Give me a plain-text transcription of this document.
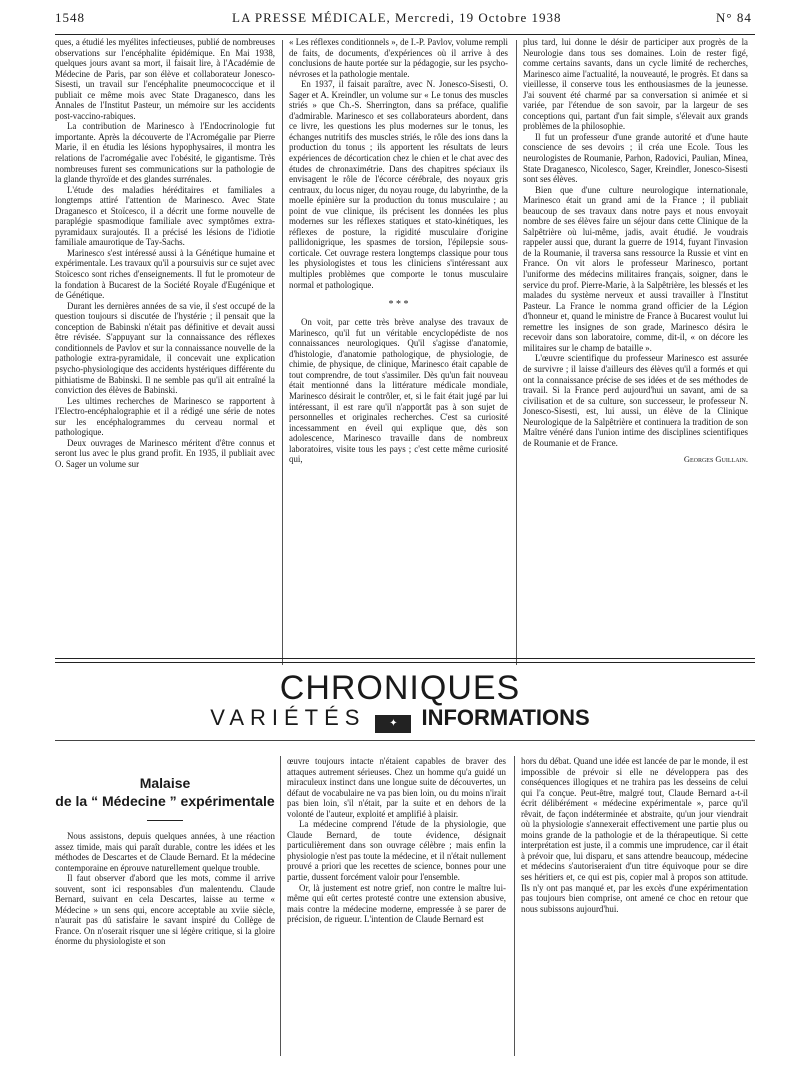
1548	LA PRESSE MÉDICALE, Mercredi, 19 Octobre 1938	N° 84

ques, a étudié les myélites infectieuses, publié de nombreuses observations sur l'encéphalite épidémique. En Mai 1938, quelques jours avant sa mort, il faisait lire, à l'Académie de Médecine de Paris, par son élève et collaborateur Jonesco-Sisesti, un travail sur l'encéphalite pneumococcique et il publiait ce même mois avec State Draganesco, dans les Annales de l'Institut Pasteur, un mémoire sur les accidents post-vaccino-rabiques.

La contribution de Marinesco à l'Endocrinologie fut importante. Après la découverte de l'Acromégalie par Pierre Marie, il en étudia les lésions hypophysaires, il montra les relations de l'acromégalie avec l'obésité, le gigantisme. Très nombreuses furent ses communications sur la pathologie de la glande thyroïde et des glandes surrénales.

L'étude des maladies héréditaires et familiales a longtemps attiré l'attention de Marinesco. Avec State Draganesco et Stoïcesco, il a décrit une forme nouvelle de paraplégie spasmodique familiale avec symptômes extra-pyramidaux surajoutés. Il a précisé les lésions de l'idiotie familiale amaurotique de Tay-Sachs.

Marinesco s'est intéressé aussi à la Génétique humaine et expérimentale. Les travaux qu'il a poursuivis sur ce sujet avec Stoïcesco sont riches d'enseignements. Il fut le promoteur de la fondation à Bucarest de la Société Royale d'Eugénique et de Génétique.

Durant les dernières années de sa vie, il s'est occupé de la question toujours si discutée de l'hystérie ; il pensait que la conception de Babinski n'était pas définitive et devait aussi être révisée. S'appuyant sur la connaissance des réflexes conditionnels de Pavlov et sur la connaissance nouvelle de la pathologie extra-pyramidale, il concevait une explication psycho-physiologique des accidents hystériques différente du pithiatisme de Babinski. Il ne semble pas qu'il ait entraîné la conviction des élèves de Babinski.

Les ultimes recherches de Marinesco se rapportent à l'Electro-encéphalographie et il a rédigé une série de notes sur les encéphalogrammes du cerveau normal et pathologique.

Deux ouvrages de Marinesco méritent d'être connus et seront lus avec le plus grand profit. En 1935, il publiait avec O. Sager un volume sur

« Les réflexes conditionnels », de I.-P. Pavlov, volume rempli de faits, de documents, d'expériences où il arrive à des conclusions de haute portée sur la pédagogie, sur les psycho-névroses et la pathologie mentale.

En 1937, il faisait paraître, avec N. Jonesco-Sisesti, O. Sager et A. Kreindler, un volume sur « Le tonus des muscles striés » que Ch.-S. Sherrington, dans sa préface, qualifie d'admirable. Marinesco et ses collaborateurs abordent, dans ce livre, les questions les plus modernes sur le tonus, les échanges nutritifs des muscles striés, le rôle des ions dans la production du tonus ; ils apportent les résultats de leurs expériences de décortication chez le chien et le chat avec des études de chronaximétrie. Dans des chapitres spéciaux ils envisagent le rôle de l'écorce cérébrale, des noyaux gris centraux, du locus niger, du noyau rouge, du labyrinthe, de la moelle épinière sur la production du tonus musculaire ; au point de vue clinique, ils précisent les données les plus modernes sur les réflexes statiques et stato-kinétiques, les réflexes de posture, la rigidité musculaire d'origine pallidonigrique, les spasmes de torsion, l'épilepsie sous-corticale. Cet ouvrage restera longtemps classique pour tous les physiologistes et tous les cliniciens s'intéressant aux multiples problèmes que comporte le tonus musculaire normal et pathologique.

* * *

On voit, par cette très brève analyse des travaux de Marinesco, qu'il fut un véritable encyclopédiste de nos connaissances neurologiques. Qu'il s'agisse d'anatomie, d'histologie, d'anatomie pathologique, de physiologie, de chimie, de physique, de clinique, Marinesco était capable de tout comprendre, de tout s'assimiler. Dès qu'un fait nouveau était mentionné dans la littérature médicale mondiale, Marinesco désirait le contrôler, et, si le fait était jugé par lui intéressant, il est rare qu'il n'apportât pas à son sujet de personnelles et originales recherches. C'est sa curiosité incessamment en éveil qui explique que, dès son adolescence, Marinesco travaille dans de nombreux laboratoires, visite tous les pays ; c'est cette même curiosité qui,

plus tard, lui donne le désir de participer aux progrès de la Neurologie dans tous ses domaines. Loin de rester figé, comme certains savants, dans un cycle limité de recherches, Marinesco aime l'actualité, la nouveauté, le progrès. Et dans sa vieillesse, il conserve tous les enthousiasmes de la jeunesse. J'ai souvent été charmé par sa conversation si animée et si variée, par l'étendue de son savoir, par la largeur de ses conceptions qui, partant d'un fait simple, s'élevait aux grands problèmes de la philosophie.

Il fut un professeur d'une grande autorité et d'une haute conscience de ses devoirs ; il créa une Ecole. Tous les neurologistes de Roumanie, Parhon, Radovici, Paulian, Minea, State Draganesco, Nicolesco, Sager, Kreindler, Jonesco-Sisesti sont ses élèves.

Bien que d'une culture neurologique internationale, Marinesco était un grand ami de la France ; il publiait beaucoup de ses travaux dans notre pays et nous envoyait nombre de ses élèves faire un séjour dans cette Clinique de la Salpêtrière où lui-même, jadis, avait étudié. Je voudrais rappeler aussi que, durant la guerre de 1914, fuyant l'invasion de la Roumanie, il traversa sans ressource la Russie et vint en France. On vit alors le professeur Marinesco, portant l'uniforme des médecins militaires français, soigner, dans le service du prof. Pierre-Marie, à la Salpêtrière, les blessés et les malades du système nerveux et aussi travailler à l'Institut Pasteur. La France le nomma grand officier de la Légion d'honneur et, quand le ministre de France à Bucarest voulut lui remettre les insignes de son grade, Marinesco désira le recevoir dans son laboratoire, comme, dit-il, « on décore les militaires sur le champ de bataille ».

L'œuvre scientifique du professeur Marinesco est assurée de survivre ; il laisse d'ailleurs des élèves qu'il a formés et qui ont la connaissance précise de ses idées et de ses méthodes de travail. Si la France perd aujourd'hui un savant, ami de sa civilisation et de sa culture, son successeur, le professeur N. Jonesco-Sisesti, est, lui aussi, un élève de la Clinique Neurologique de la Salpêtrière et continuera la tradition de son Maître vénéré dans l'union intime des disciplines scientifiques de Roumanie et de France.

Georges Guillain.
CHRONIQUES
VARIÉTÉS ✦ INFORMATIONS
Malaise
de la “ Médecine ” expérimentale

Nous assistons, depuis quelques années, à une réaction assez timide, mais qui paraît durable, contre les idées et les méthodes de Descartes et de Claude Bernard. Et la médecine contemporaine en éprouve naturellement quelque trouble.

Il faut observer d'abord que les mots, comme il arrive souvent, sont ici responsables d'un malentendu. Claude Bernard, suivant en cela Descartes, laisse au terme « Médecine » un sens qui, encore acceptable au xviie siècle, n'aurait pas dû satisfaire le savant inspiré du Collège de France. On n'oserait risquer une si légère critique, si la gloire énorme du physiologiste et son

œuvre toujours intacte n'étaient capables de braver des attaques autrement sérieuses. Chez un homme qu'a guidé un miraculeux instinct dans une longue suite de découvertes, un défaut de vocabulaire ne va pas bien loin, ou du moins n'irait pas bien loin, s'il n'était, par la suite et en dehors de la volonté de l'auteur, exploité et amplifié à plaisir.

La médecine comprend l'étude de la physiologie, que Claude Bernard, de toute évidence, désignait particulièrement dans son ouvrage célèbre ; mais enfin la physiologie n'est pas toute la médecine, et il n'était nullement prouvé a priori que les recettes de science, bonnes pour une partie, dussent forcément valoir pour l'ensemble.

Or, là justement est notre grief, non contre le maître lui-même qui eût certes protesté contre une extension abusive, mais contre la médecine moderne, empressée à se parer de précision, de rigueur. L'intention de Claude Bernard est

hors du débat. Quand une idée est lancée de par le monde, il est impossible de prévoir si elle ne développera pas des conséquences illogiques et ne trahira pas les desseins de celui qui l'a conçue. Peut-être, malgré tout, Claude Bernard a-t-il écrit délibérément « médecine expérimentale », parce qu'il rêvait, de façon indéterminée et abstraite, qu'un jour viendrait où la physiologie s'annexerait effectivement une partie plus ou moins grande de la pathologie et de la thérapeutique. Si cette interprétation est juste, il a commis une imprudence, car il était à prévoir que, lui disparu, et sans attendre beaucoup, médecine et médecins s'autoriseraient d'un titre équivoque pour se dire ses héritiers et, ce qui est pis, copier mal à propos son attitude. Ils n'y ont pas manqué et, par les excès d'une expérimentation pas toujours bien comprise, ont amené ce choc en retour que nous subissons aujourd'hui.
